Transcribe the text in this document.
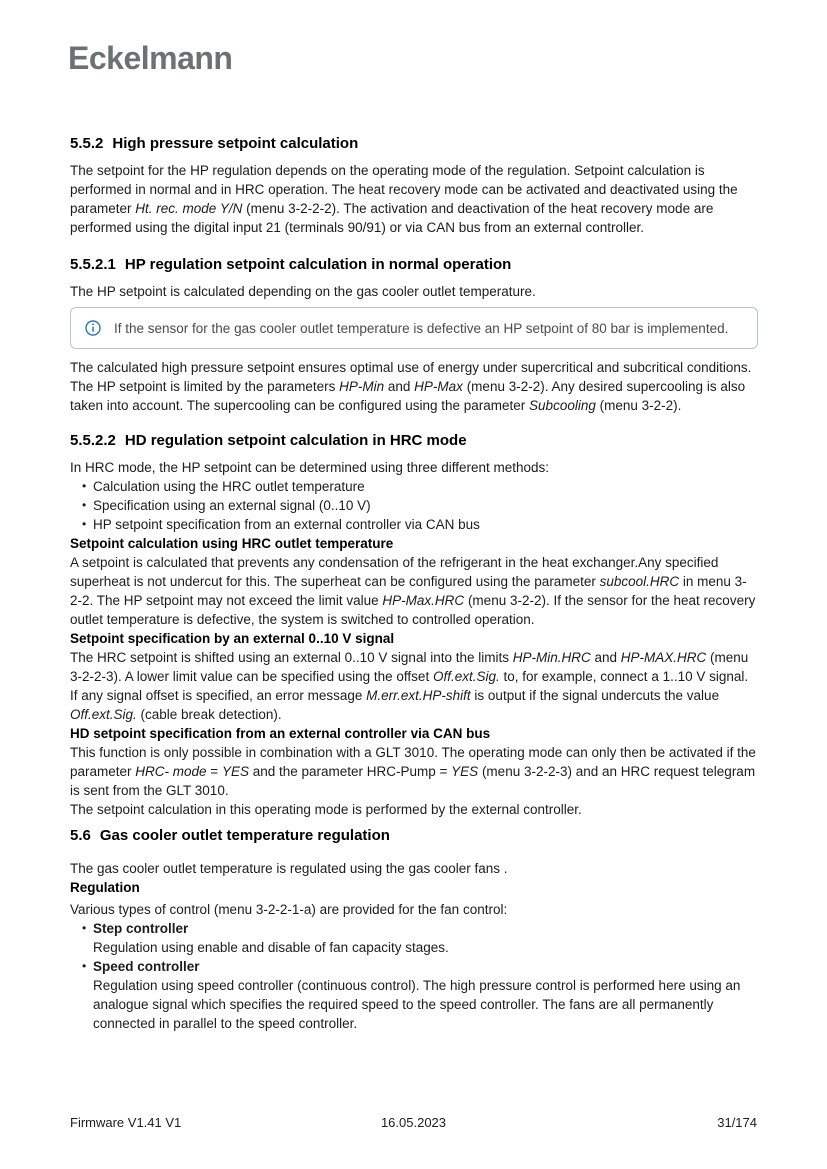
Eckelmann
5.5.2 High pressure setpoint calculation

The setpoint for the HP regulation depends on the operating mode of the regulation. Setpoint calculation is performed in normal and in HRC operation. The heat recovery mode can be activated and deactivated using the parameter Ht. rec. mode Y/N (menu 3-2-2-2). The activation and deactivation of the heat recovery mode are performed using the digital input 21 (terminals 90/91) or via CAN bus from an external controller.

5.5.2.1 HP regulation setpoint calculation in normal operation

The HP setpoint is calculated depending on the gas cooler outlet temperature.

If the sensor for the gas cooler outlet temperature is defective an HP setpoint of 80 bar is implemented.

The calculated high pressure setpoint ensures optimal use of energy under supercritical and subcritical conditions. The HP setpoint is limited by the parameters HP-Min and HP-Max (menu 3-2-2). Any desired supercooling is also taken into account. The supercooling can be configured using the parameter Subcooling (menu 3-2-2).

5.5.2.2 HD regulation setpoint calculation in HRC mode

In HRC mode, the HP setpoint can be determined using three different methods:

• Calculation using the HRC outlet temperature
• Specification using an external signal (0..10 V)
• HP setpoint specification from an external controller via CAN bus
Setpoint calculation using HRC outlet temperature

A setpoint is calculated that prevents any condensation of the refrigerant in the heat exchanger.Any specified superheat is not undercut for this. The superheat can be configured using the parameter subcool.HRC in menu 3-2-2. The HP setpoint may not exceed the limit value HP-Max.HRC (menu 3-2-2). If the sensor for the heat recovery outlet temperature is defective, the system is switched to controlled operation.

Setpoint specification by an external 0..10 V signal

The HRC setpoint is shifted using an external 0..10 V signal into the limits HP-Min.HRC and HP-MAX.HRC (menu 3-2-2-3). A lower limit value can be specified using the offset Off.ext.Sig. to, for example, connect a 1..10 V signal. If any signal offset is specified, an error message M.err.ext.HP-shift is output if the signal undercuts the value Off.ext.Sig. (cable break detection).

HD setpoint specification from an external controller via CAN bus

This function is only possible in combination with a GLT 3010. The operating mode can only then be activated if the parameter HRC- mode = YES and the parameter HRC-Pump = YES (menu 3-2-2-3) and an HRC request telegram is sent from the GLT 3010.

The setpoint calculation in this operating mode is performed by the external controller.

5.6 Gas cooler outlet temperature regulation

The gas cooler outlet temperature is regulated using the gas cooler fans .

Regulation

Various types of control (menu 3-2-2-1-a) are provided for the fan control:

• Step controller
Regulation using enable and disable of fan capacity stages.
• Speed controller
Regulation using speed controller (continuous control). The high pressure control is performed here using an analogue signal which specifies the required speed to the speed controller. The fans are all permanently connected in parallel to the speed controller.
Firmware V1.41 V1	16.05.2023	31/174
